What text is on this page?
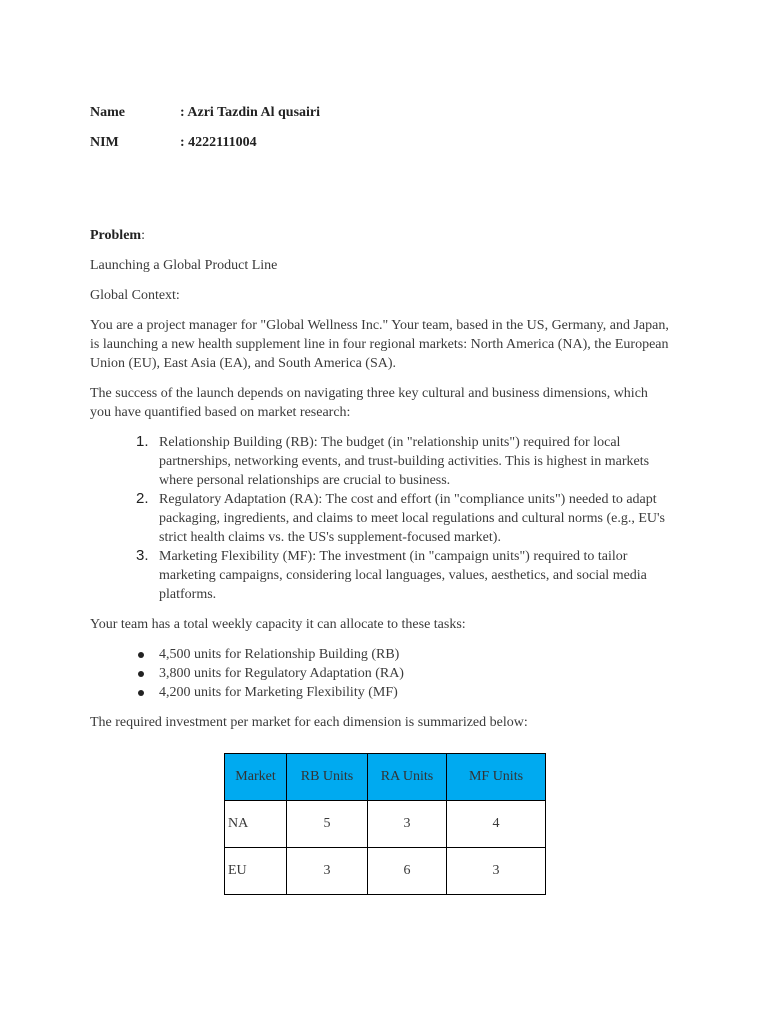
Name	: Azri Tazdin Al qusairi
NIM	: 4222111004

Problem:

Launching a Global Product Line

Global Context:

You are a project manager for "Global Wellness Inc." Your team, based in the US, Germany, and Japan, is launching a new health supplement line in four regional markets: North America (NA), the European Union (EU), East Asia (EA), and South America (SA).

The success of the launch depends on navigating three key cultural and business dimensions, which you have quantified based on market research:

1. Relationship Building (RB): The budget (in "relationship units") required for local partnerships, networking events, and trust-building activities. This is highest in markets where personal relationships are crucial to business.
2. Regulatory Adaptation (RA): The cost and effort (in "compliance units") needed to adapt packaging, ingredients, and claims to meet local regulations and cultural norms (e.g., EU's strict health claims vs. the US's supplement-focused market).
3. Marketing Flexibility (MF): The investment (in "campaign units") required to tailor marketing campaigns, considering local languages, values, aesthetics, and social media platforms.

Your team has a total weekly capacity it can allocate to these tasks:

4,500 units for Relationship Building (RB)
3,800 units for Regulatory Adaptation (RA)
4,200 units for Marketing Flexibility (MF)

The required investment per market for each dimension is summarized below:

Market	RB Units	RA Units	MF Units
NA	5	3	4
EU	3	6	3
